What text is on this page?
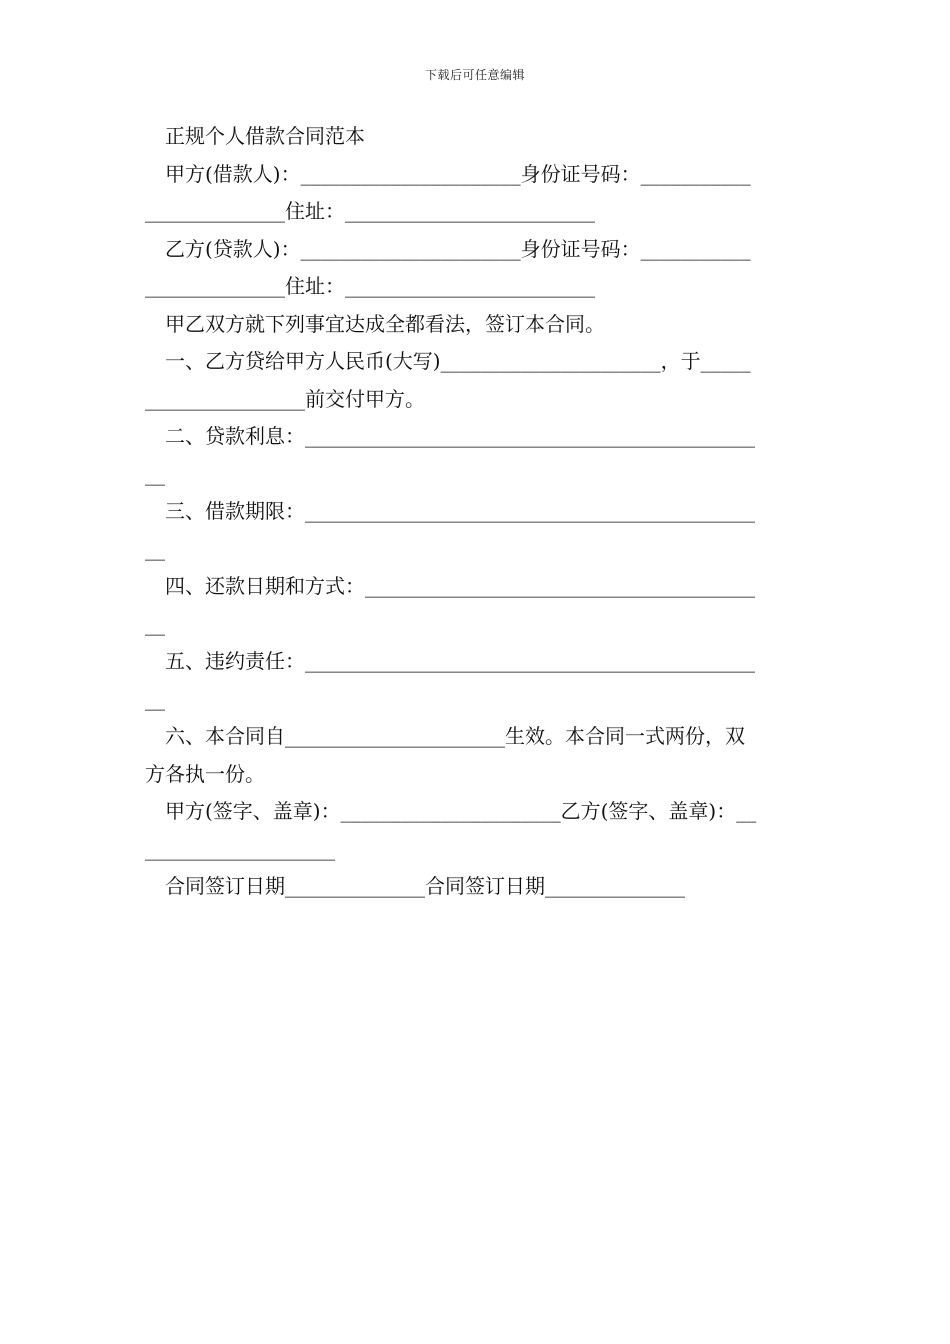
下载后可任意编辑
正规个人借款合同范本
甲方(借款人)：______________________身份证号码：___________
______________住址：_________________________
乙方(贷款人)：______________________身份证号码：___________
______________住址：_________________________
甲乙双方就下列事宜达成全都看法，签订本合同。
一、乙方贷给甲方人民币(大写)______________________，于_____
________________前交付甲方。
二、贷款利息：_____________________________________________
__
三、借款期限：_____________________________________________
__
四、还款日期和方式：_______________________________________
__
五、违约责任：_____________________________________________
__
六、本合同自______________________生效。本合同一式两份，双
方各执一份。
甲方(签字、盖章)：______________________乙方(签字、盖章)：__
___________________
合同签订日期______________合同签订日期______________
